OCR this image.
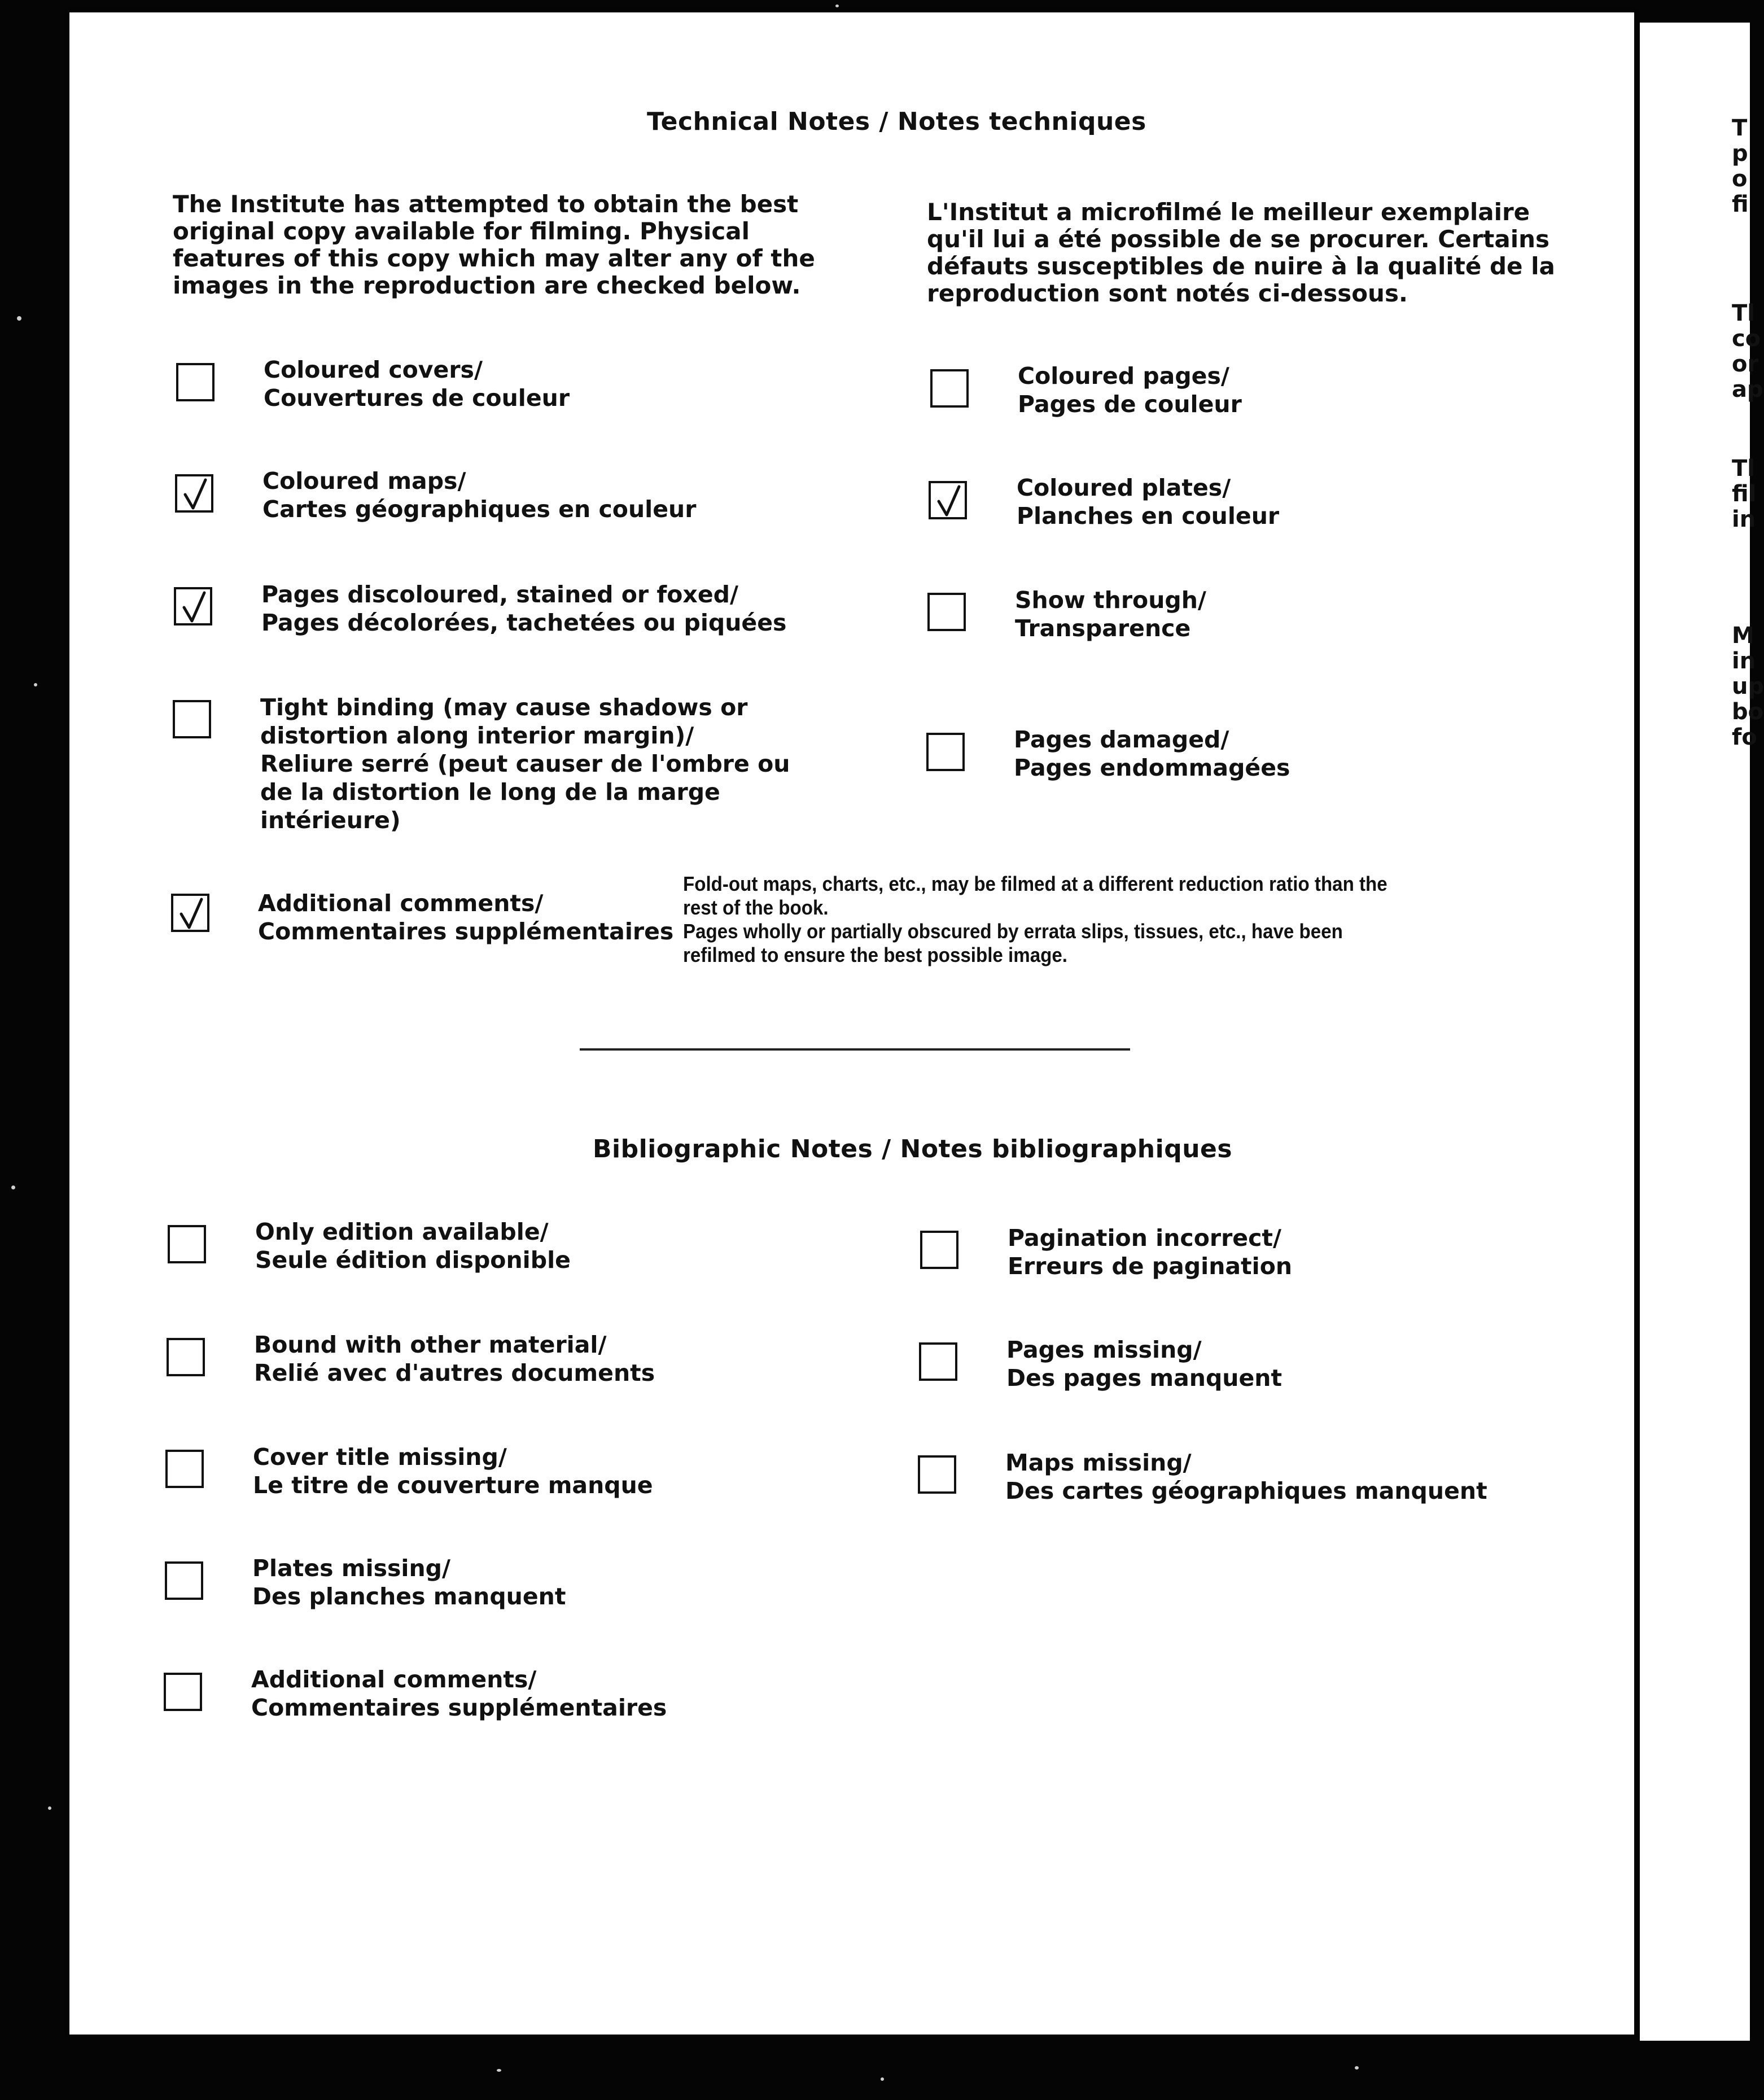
Technical Notes / Notes techniques
The Institute has attempted to obtain the best
original copy available for filming. Physical
features of this copy which may alter any of the
images in the reproduction are checked below.
L'Institut a microfilmé le meilleur exemplaire
qu'il lui a été possible de se procurer. Certains
défauts susceptibles de nuire à la qualité de la
reproduction sont notés ci-dessous.
Coloured covers/
Couvertures de couleur
Coloured maps/
Cartes géographiques en couleur
Pages discoloured, stained or foxed/
Pages décolorées, tachetées ou piquées
Tight binding (may cause shadows or
distortion along interior margin)/
Reliure serré (peut causer de l'ombre ou
de la distortion le long de la marge
intérieure)
Additional comments/
Commentaires supplémentaires
Coloured pages/
Pages de couleur
Coloured plates/
Planches en couleur
Show through/
Transparence
Pages damaged/
Pages endommagées
Fold-out maps, charts, etc., may be filmed at a different reduction ratio than the
rest of the book.
Pages wholly or partially obscured by errata slips, tissues, etc., have been
refilmed to ensure the best possible image.
Bibliographic Notes / Notes bibliographiques
Only edition available/
Seule édition disponible
Bound with other material/
Relié avec d'autres documents
Cover title missing/
Le titre de couverture manque
Plates missing/
Des planches manquent
Additional comments/
Commentaires supplémentaires
Pagination incorrect/
Erreurs de pagination
Pages missing/
Des pages manquent
Maps missing/
Des cartes géographiques manquent
T
p
o
fi
Tl
co
or
ap
Tl
fil
in
M
in
up
bo
fo
